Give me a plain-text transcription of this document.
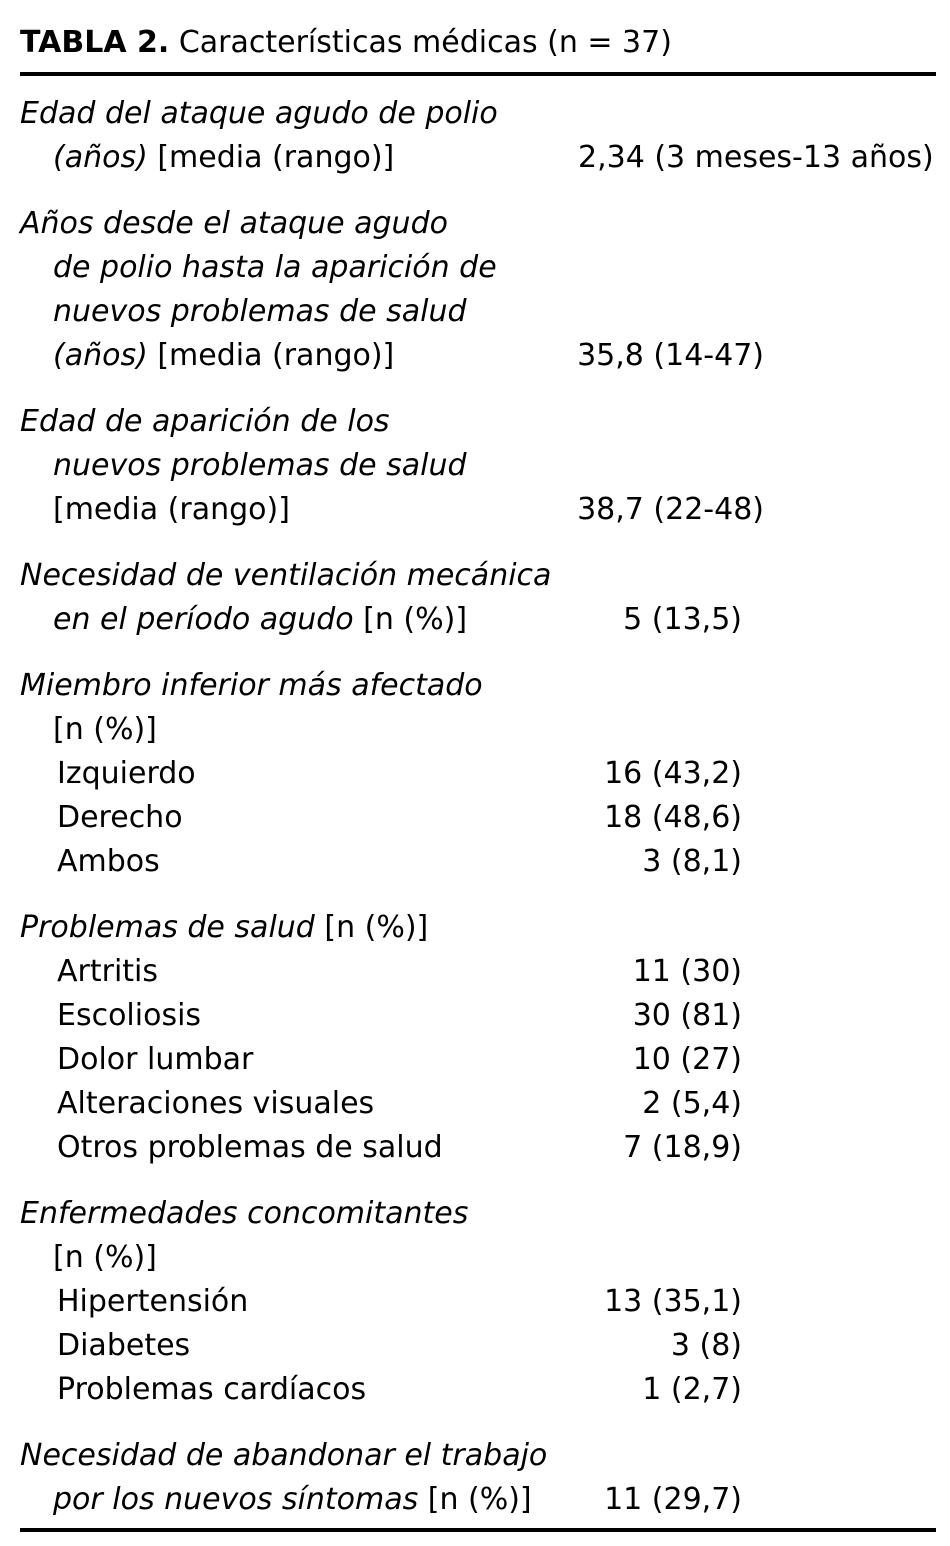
TABLA 2. Características médicas (n = 37)
Edad del ataque agudo de polio
(años) [media (rango)]	2,34 (3 meses-13 años)
Años desde el ataque agudo
de polio hasta la aparición de
nuevos problemas de salud
(años) [media (rango)]	35,8 (14-47)
Edad de aparición de los
nuevos problemas de salud
[media (rango)]	38,7 (22-48)
Necesidad de ventilación mecánica
en el período agudo [n (%)]	5 (13,5)
Miembro inferior más afectado
[n (%)]
Izquierdo	16 (43,2)
Derecho	18 (48,6)
Ambos	3 (8,1)
Problemas de salud [n (%)]
Artritis	11 (30)
Escoliosis	30 (81)
Dolor lumbar	10 (27)
Alteraciones visuales	2 (5,4)
Otros problemas de salud	7 (18,9)
Enfermedades concomitantes
[n (%)]
Hipertensión	13 (35,1)
Diabetes	3 (8)
Problemas cardíacos	1 (2,7)
Necesidad de abandonar el trabajo
por los nuevos síntomas [n (%)] 11 (29,7)
